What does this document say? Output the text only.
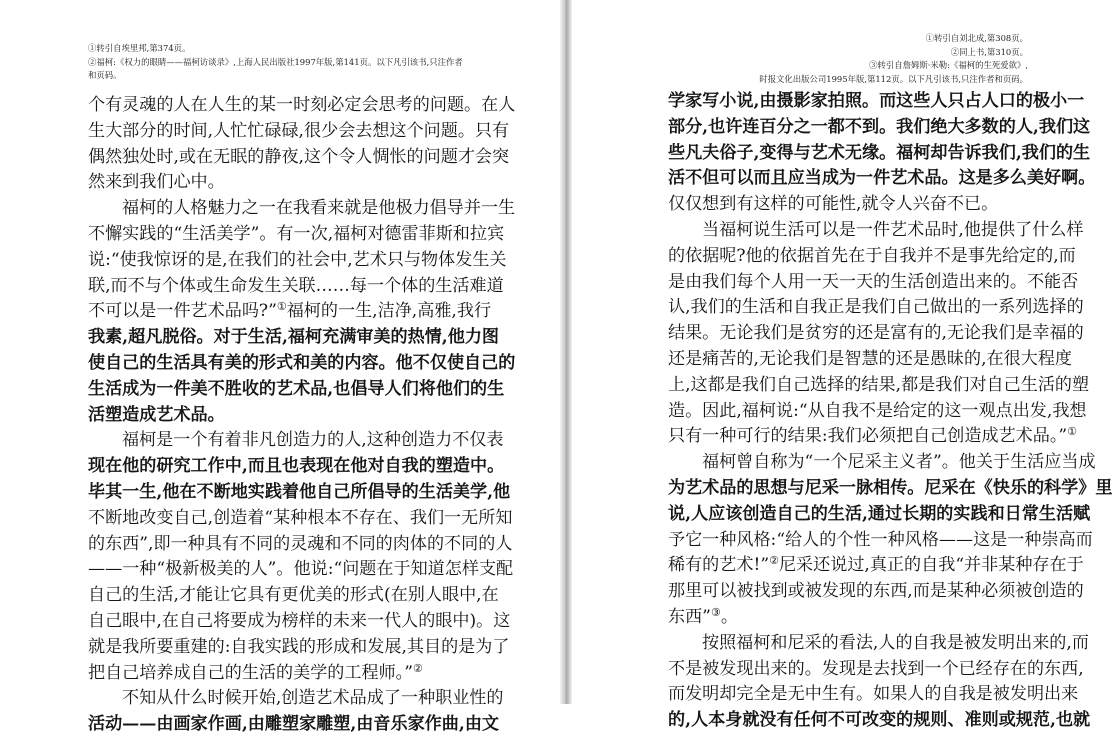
①转引自埃里邦,第374页。
②福柯:《权力的眼睛——福柯访谈录》,上海人民出版社1997年版,第141页。以下凡引该书,只注作者
和页码。
个有灵魂的人在人生的某一时刻必定会思考的问题。在人
生大部分的时间,人忙忙碌碌,很少会去想这个问题。只有
偶然独处时,或在无眠的静夜,这个令人惆怅的问题才会突
然来到我们心中。
福柯的人格魅力之一在我看来就是他极力倡导并一生
不懈实践的“生活美学”。有一次,福柯对德雷菲斯和拉宾
说:“使我惊讶的是,在我们的社会中,艺术只与物体发生关
联,而不与个体或生命发生关联……每一个体的生活难道
不可以是一件艺术品吗?”①福柯的一生,洁净,高雅,我行
我素,超凡脱俗。对于生活,福柯充满审美的热情,他力图
使自己的生活具有美的形式和美的内容。他不仅使自己的
生活成为一件美不胜收的艺术品,也倡导人们将他们的生
活塑造成艺术品。
福柯是一个有着非凡创造力的人,这种创造力不仅表
现在他的研究工作中,而且也表现在他对自我的塑造中。
毕其一生,他在不断地实践着他自己所倡导的生活美学,他
不断地改变自己,创造着“某种根本不存在、我们一无所知
的东西”,即一种具有不同的灵魂和不同的肉体的不同的人
——一种“极新极美的人”。他说:“问题在于知道怎样支配
自己的生活,才能让它具有更优美的形式(在别人眼中,在
自己眼中,在自己将要成为榜样的未来一代人的眼中)。这
就是我所要重建的:自我实践的形成和发展,其目的是为了
把自己培养成自己的生活的美学的工程师。”②
不知从什么时候开始,创造艺术品成了一种职业性的
活动——由画家作画,由雕塑家雕塑,由音乐家作曲,由文
①转引自刘北成,第308页。
②同上书,第310页。
③转引自詹姆斯·米勒:《福柯的生死爱欲》,
时报文化出版公司1995年版,第112页。以下凡引该书,只注作者和页码。
学家写小说,由摄影家拍照。而这些人只占人口的极小一
部分,也许连百分之一都不到。我们绝大多数的人,我们这
些凡夫俗子,变得与艺术无缘。福柯却告诉我们,我们的生
活不但可以而且应当成为一件艺术品。这是多么美好啊。
仅仅想到有这样的可能性,就令人兴奋不已。
当福柯说生活可以是一件艺术品时,他提供了什么样
的依据呢?他的依据首先在于自我并不是事先给定的,而
是由我们每个人用一天一天的生活创造出来的。不能否
认,我们的生活和自我正是我们自己做出的一系列选择的
结果。无论我们是贫穷的还是富有的,无论我们是幸福的
还是痛苦的,无论我们是智慧的还是愚昧的,在很大程度
上,这都是我们自己选择的结果,都是我们对自己生活的塑
造。因此,福柯说:“从自我不是给定的这一观点出发,我想
只有一种可行的结果:我们必须把自己创造成艺术品。”①
福柯曾自称为“一个尼采主义者”。他关于生活应当成
为艺术品的思想与尼采一脉相传。尼采在《快乐的科学》里
说,人应该创造自己的生活,通过长期的实践和日常生活赋
予它一种风格:“给人的个性一种风格——这是一种崇高而
稀有的艺术!”②尼采还说过,真正的自我“并非某种存在于
那里可以被找到或被发现的东西,而是某种必须被创造的
东西”③。
按照福柯和尼采的看法,人的自我是被发明出来的,而
不是被发现出来的。发现是去找到一个已经存在的东西,
而发明却完全是无中生有。如果人的自我是被发明出来
的,人本身就没有任何不可改变的规则、准则或规范,也就
